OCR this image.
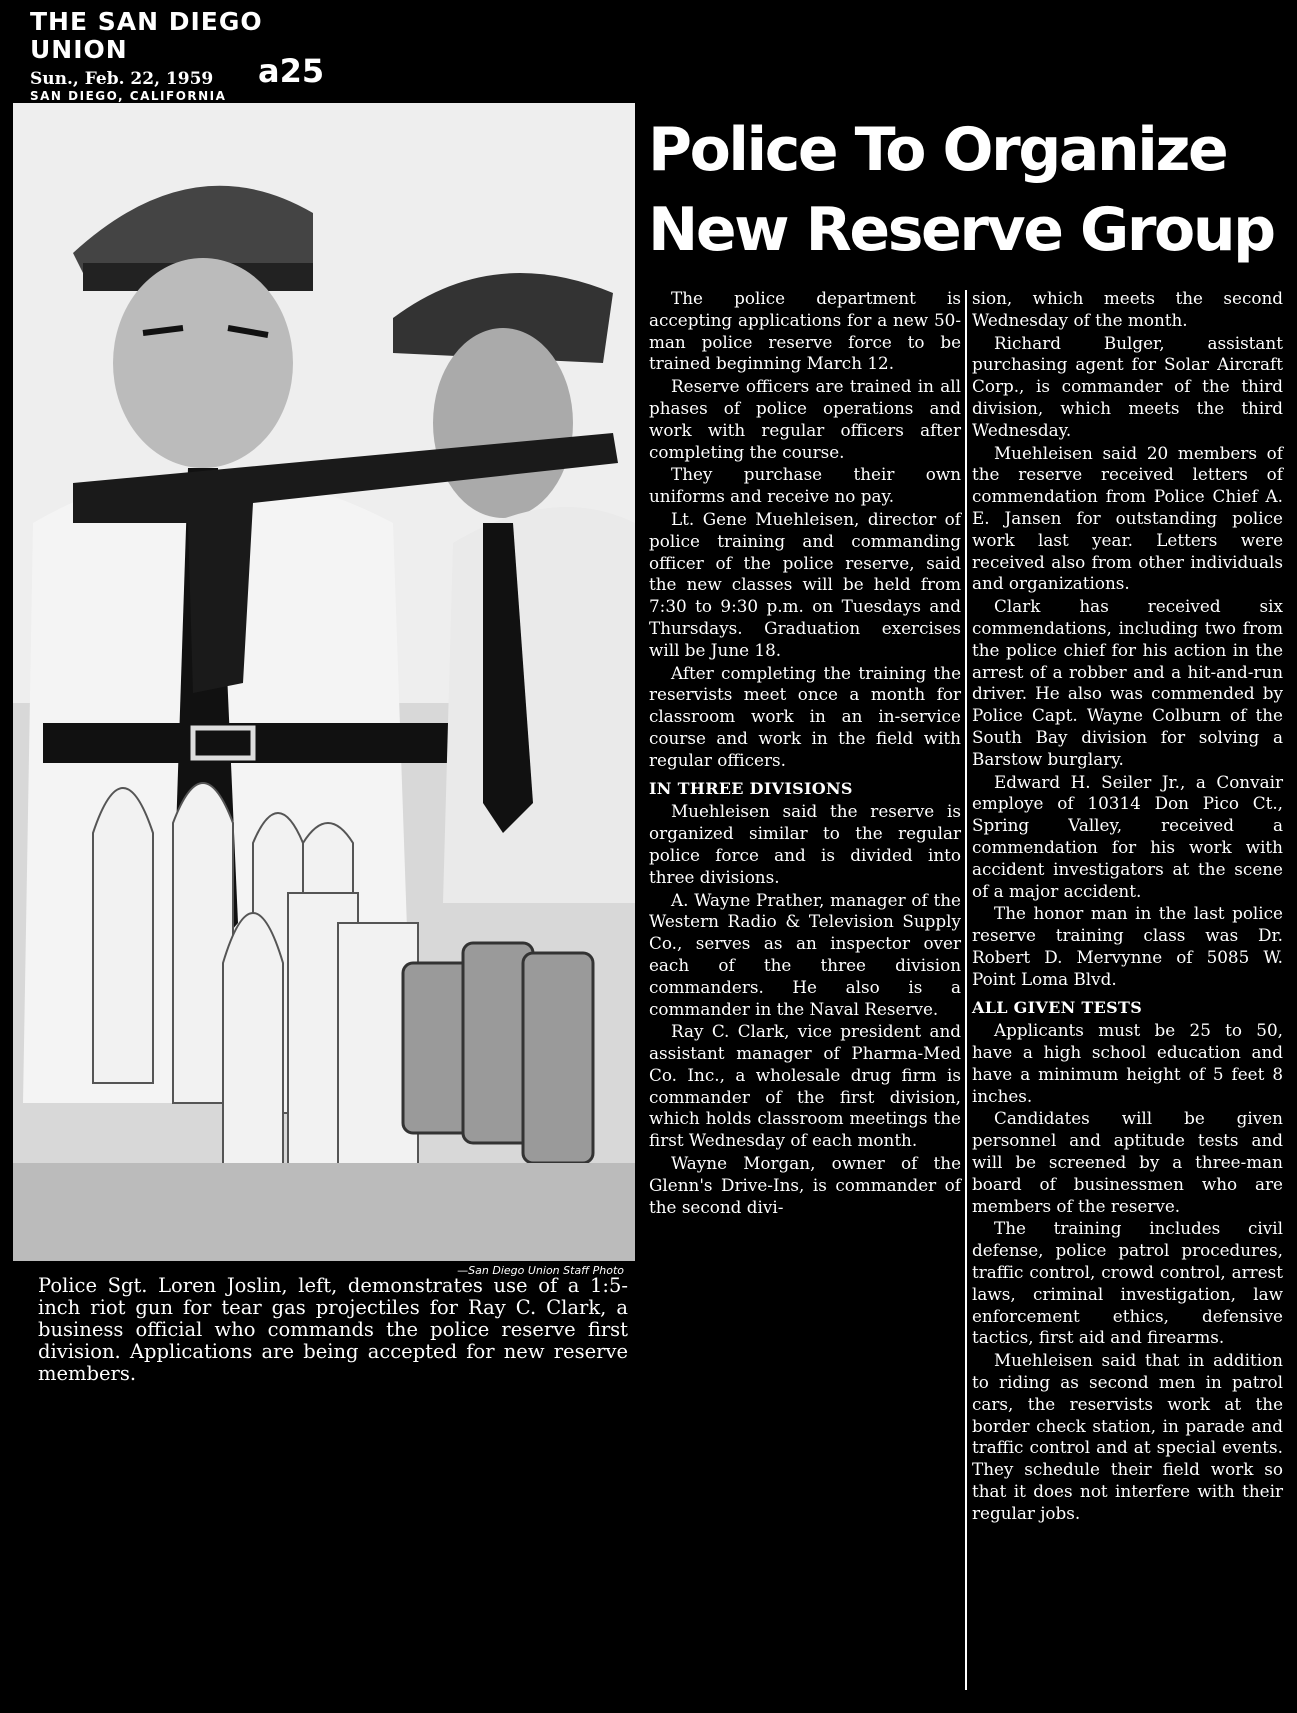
THE SAN DIEGO UNION
Sun., Feb. 22, 1959
SAN DIEGO, CALIFORNIA
a25
—San Diego Union Staff Photo
Police Sgt. Loren Joslin, left, demonstrates use of a 1:5-inch riot gun for tear gas projectiles for Ray C. Clark, a business official who commands the police reserve first division. Applications are being accepted for new reserve members.
Police To Organize
New Reserve Group

The police department is accepting applications for a new 50-man police reserve force to be trained beginning March 12.

Reserve officers are trained in all phases of police operations and work with regular officers after completing the course.

They purchase their own uniforms and receive no pay.

Lt. Gene Muehleisen, director of police training and commanding officer of the police reserve, said the new classes will be held from 7:30 to 9:30 p.m. on Tuesdays and Thursdays. Graduation exercises will be June 18.

After completing the training the reservists meet once a month for classroom work in an in-service course and work in the field with regular officers.

IN THREE DIVISIONS

Muehleisen said the reserve is organized similar to the regular police force and is divided into three divisions.

A. Wayne Prather, manager of the Western Radio & Television Supply Co., serves as an inspector over each of the three division commanders. He also is a commander in the Naval Reserve.

Ray C. Clark, vice president and assistant manager of Pharma-Med Co. Inc., a wholesale drug firm is commander of the first division, which holds classroom meetings the first Wednesday of each month.

Wayne Morgan, owner of the Glenn's Drive-Ins, is commander of the second divi-

sion, which meets the second Wednesday of the month.

Richard Bulger, assistant purchasing agent for Solar Aircraft Corp., is commander of the third division, which meets the third Wednesday.

Muehleisen said 20 members of the reserve received letters of commendation from Police Chief A. E. Jansen for outstanding police work last year. Letters were received also from other individuals and organizations.

Clark has received six commendations, including two from the police chief for his action in the arrest of a robber and a hit-and-run driver. He also was commended by Police Capt. Wayne Colburn of the South Bay division for solving a Barstow burglary.

Edward H. Seiler Jr., a Convair employe of 10314 Don Pico Ct., Spring Valley, received a commendation for his work with accident investigators at the scene of a major accident.

The honor man in the last police reserve training class was Dr. Robert D. Mervynne of 5085 W. Point Loma Blvd.

ALL GIVEN TESTS

Applicants must be 25 to 50, have a high school education and have a minimum height of 5 feet 8 inches.

Candidates will be given personnel and aptitude tests and will be screened by a three-man board of businessmen who are members of the reserve.

The training includes civil defense, police patrol procedures, traffic control, crowd control, arrest laws, criminal investigation, law enforcement ethics, defensive tactics, first aid and firearms.

Muehleisen said that in addition to riding as second men in patrol cars, the reservists work at the border check station, in parade and traffic control and at special events. They schedule their field work so that it does not interfere with their regular jobs.
